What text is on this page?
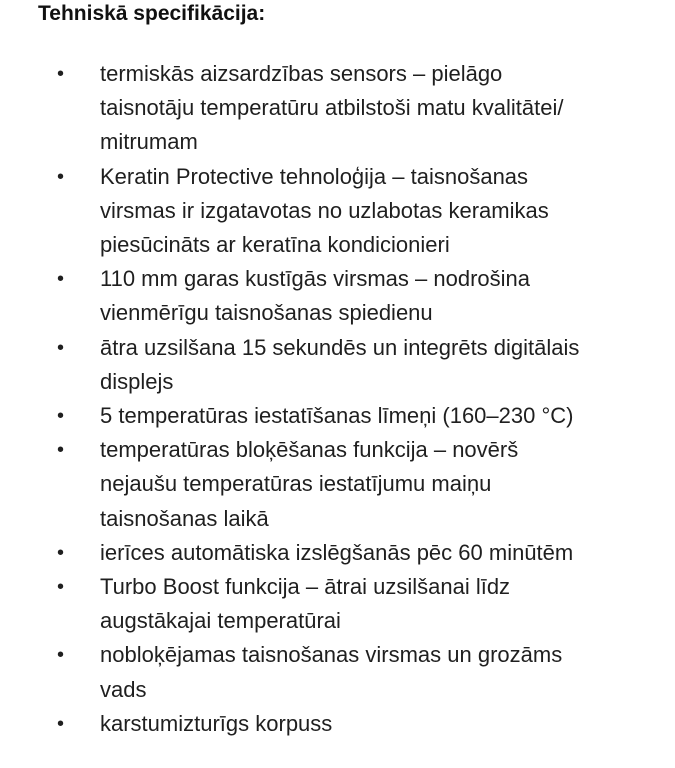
Tehniskā specifikācija:
• termiskās aizsardzības sensors – pielāgo
taisnotāju temperatūru atbilstoši matu kvalitātei/
mitrumam
• Keratin Protective tehnoloģija – taisnošanas
virsmas ir izgatavotas no uzlabotas keramikas
piesūcināts ar keratīna kondicionieri
• 110 mm garas kustīgās virsmas – nodrošina
vienmērīgu taisnošanas spiedienu
• ātra uzsilšana 15 sekundēs un integrēts digitālais
displejs
• 5 temperatūras iestatīšanas līmeņi (160–230 °C)
• temperatūras bloķēšanas funkcija – novērš
nejaušu temperatūras iestatījumu maiņu
taisnošanas laikā
• ierīces automātiska izslēgšanās pēc 60 minūtēm
• Turbo Boost funkcija – ātrai uzsilšanai līdz
augstākajai temperatūrai
• nobloķējamas taisnošanas virsmas un grozāms
vads
• karstumizturīgs korpuss
